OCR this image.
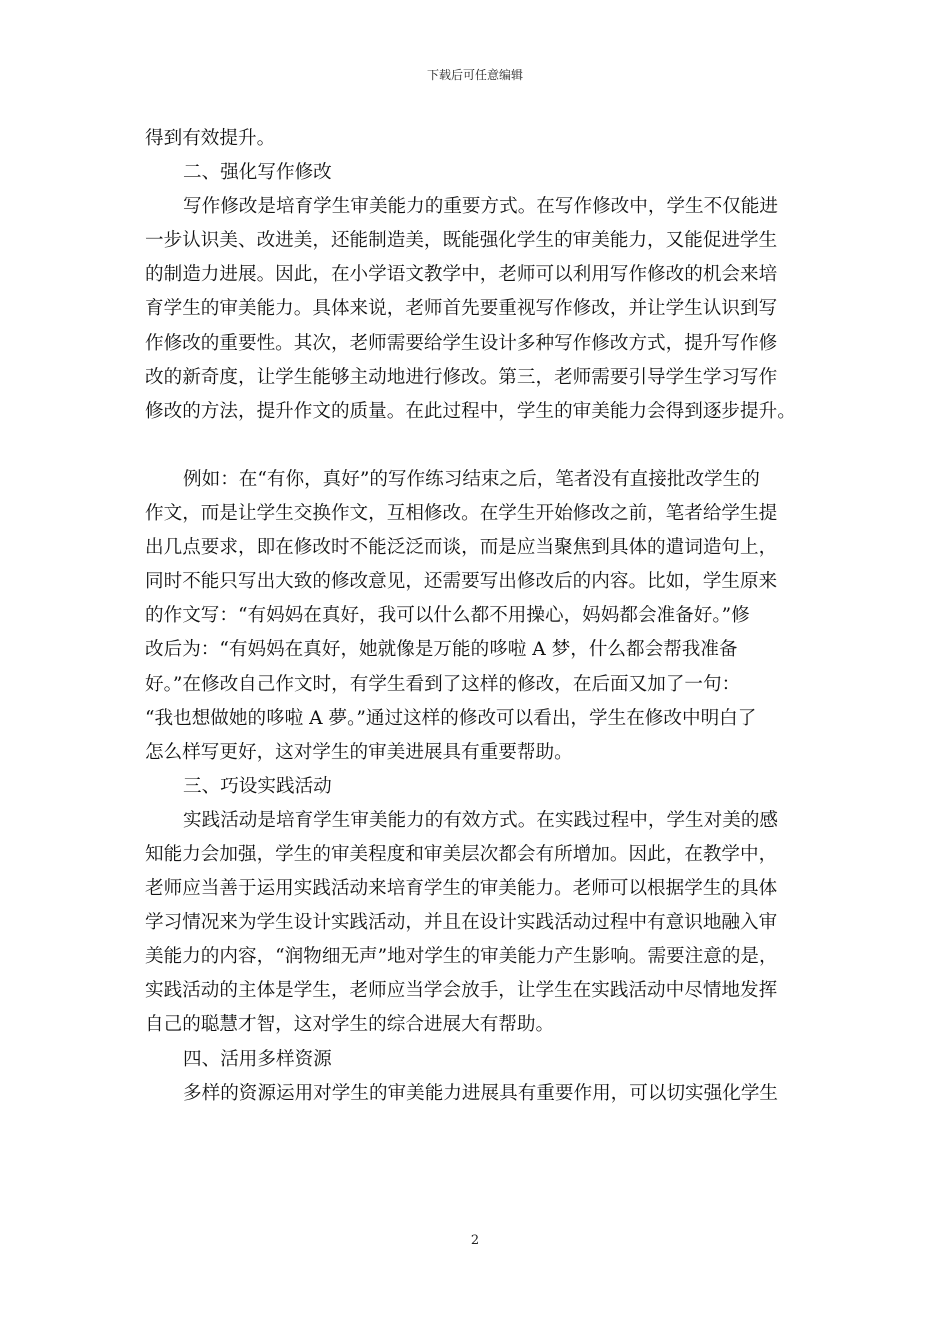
下载后可任意编辑
得到有效提升。
二、强化写作修改
写作修改是培育学生审美能力的重要方式。在写作修改中，学生不仅能进
一步认识美、改进美，还能制造美，既能强化学生的审美能力，又能促进学生
的制造力进展。因此，在小学语文教学中，老师可以利用写作修改的机会来培
育学生的审美能力。具体来说，老师首先要重视写作修改，并让学生认识到写
作修改的重要性。其次，老师需要给学生设计多种写作修改方式，提升写作修
改的新奇度，让学生能够主动地进行修改。第三，老师需要引导学生学习写作
修改的方法，提升作文的质量。在此过程中，学生的审美能力会得到逐步提升。
例如：在“有你，真好”的写作练习结束之后，笔者没有直接批改学生的
作文，而是让学生交换作文，互相修改。在学生开始修改之前，笔者给学生提
出几点要求，即在修改时不能泛泛而谈，而是应当聚焦到具体的遣词造句上，
同时不能只写出大致的修改意见，还需要写出修改后的内容。比如，学生原来
的作文写：“有妈妈在真好，我可以什么都不用操心，妈妈都会准备好。”修
改后为：“有妈妈在真好，她就像是万能的哆啦 A 梦，什么都会帮我准备
好。”在修改自己作文时，有学生看到了这样的修改，在后面又加了一句：
“我也想做她的哆啦 A 夢。”通过这样的修改可以看出，学生在修改中明白了
怎么样写更好，这对学生的审美进展具有重要帮助。
三、巧设实践活动
实践活动是培育学生审美能力的有效方式。在实践过程中，学生对美的感
知能力会加强，学生的审美程度和审美层次都会有所增加。因此，在教学中，
老师应当善于运用实践活动来培育学生的审美能力。老师可以根据学生的具体
学习情况来为学生设计实践活动，并且在设计实践活动过程中有意识地融入审
美能力的内容，“润物细无声”地对学生的审美能力产生影响。需要注意的是，
实践活动的主体是学生，老师应当学会放手，让学生在实践活动中尽情地发挥
自己的聪慧才智，这对学生的综合进展大有帮助。
四、活用多样资源
多样的资源运用对学生的审美能力进展具有重要作用，可以切实强化学生
2
